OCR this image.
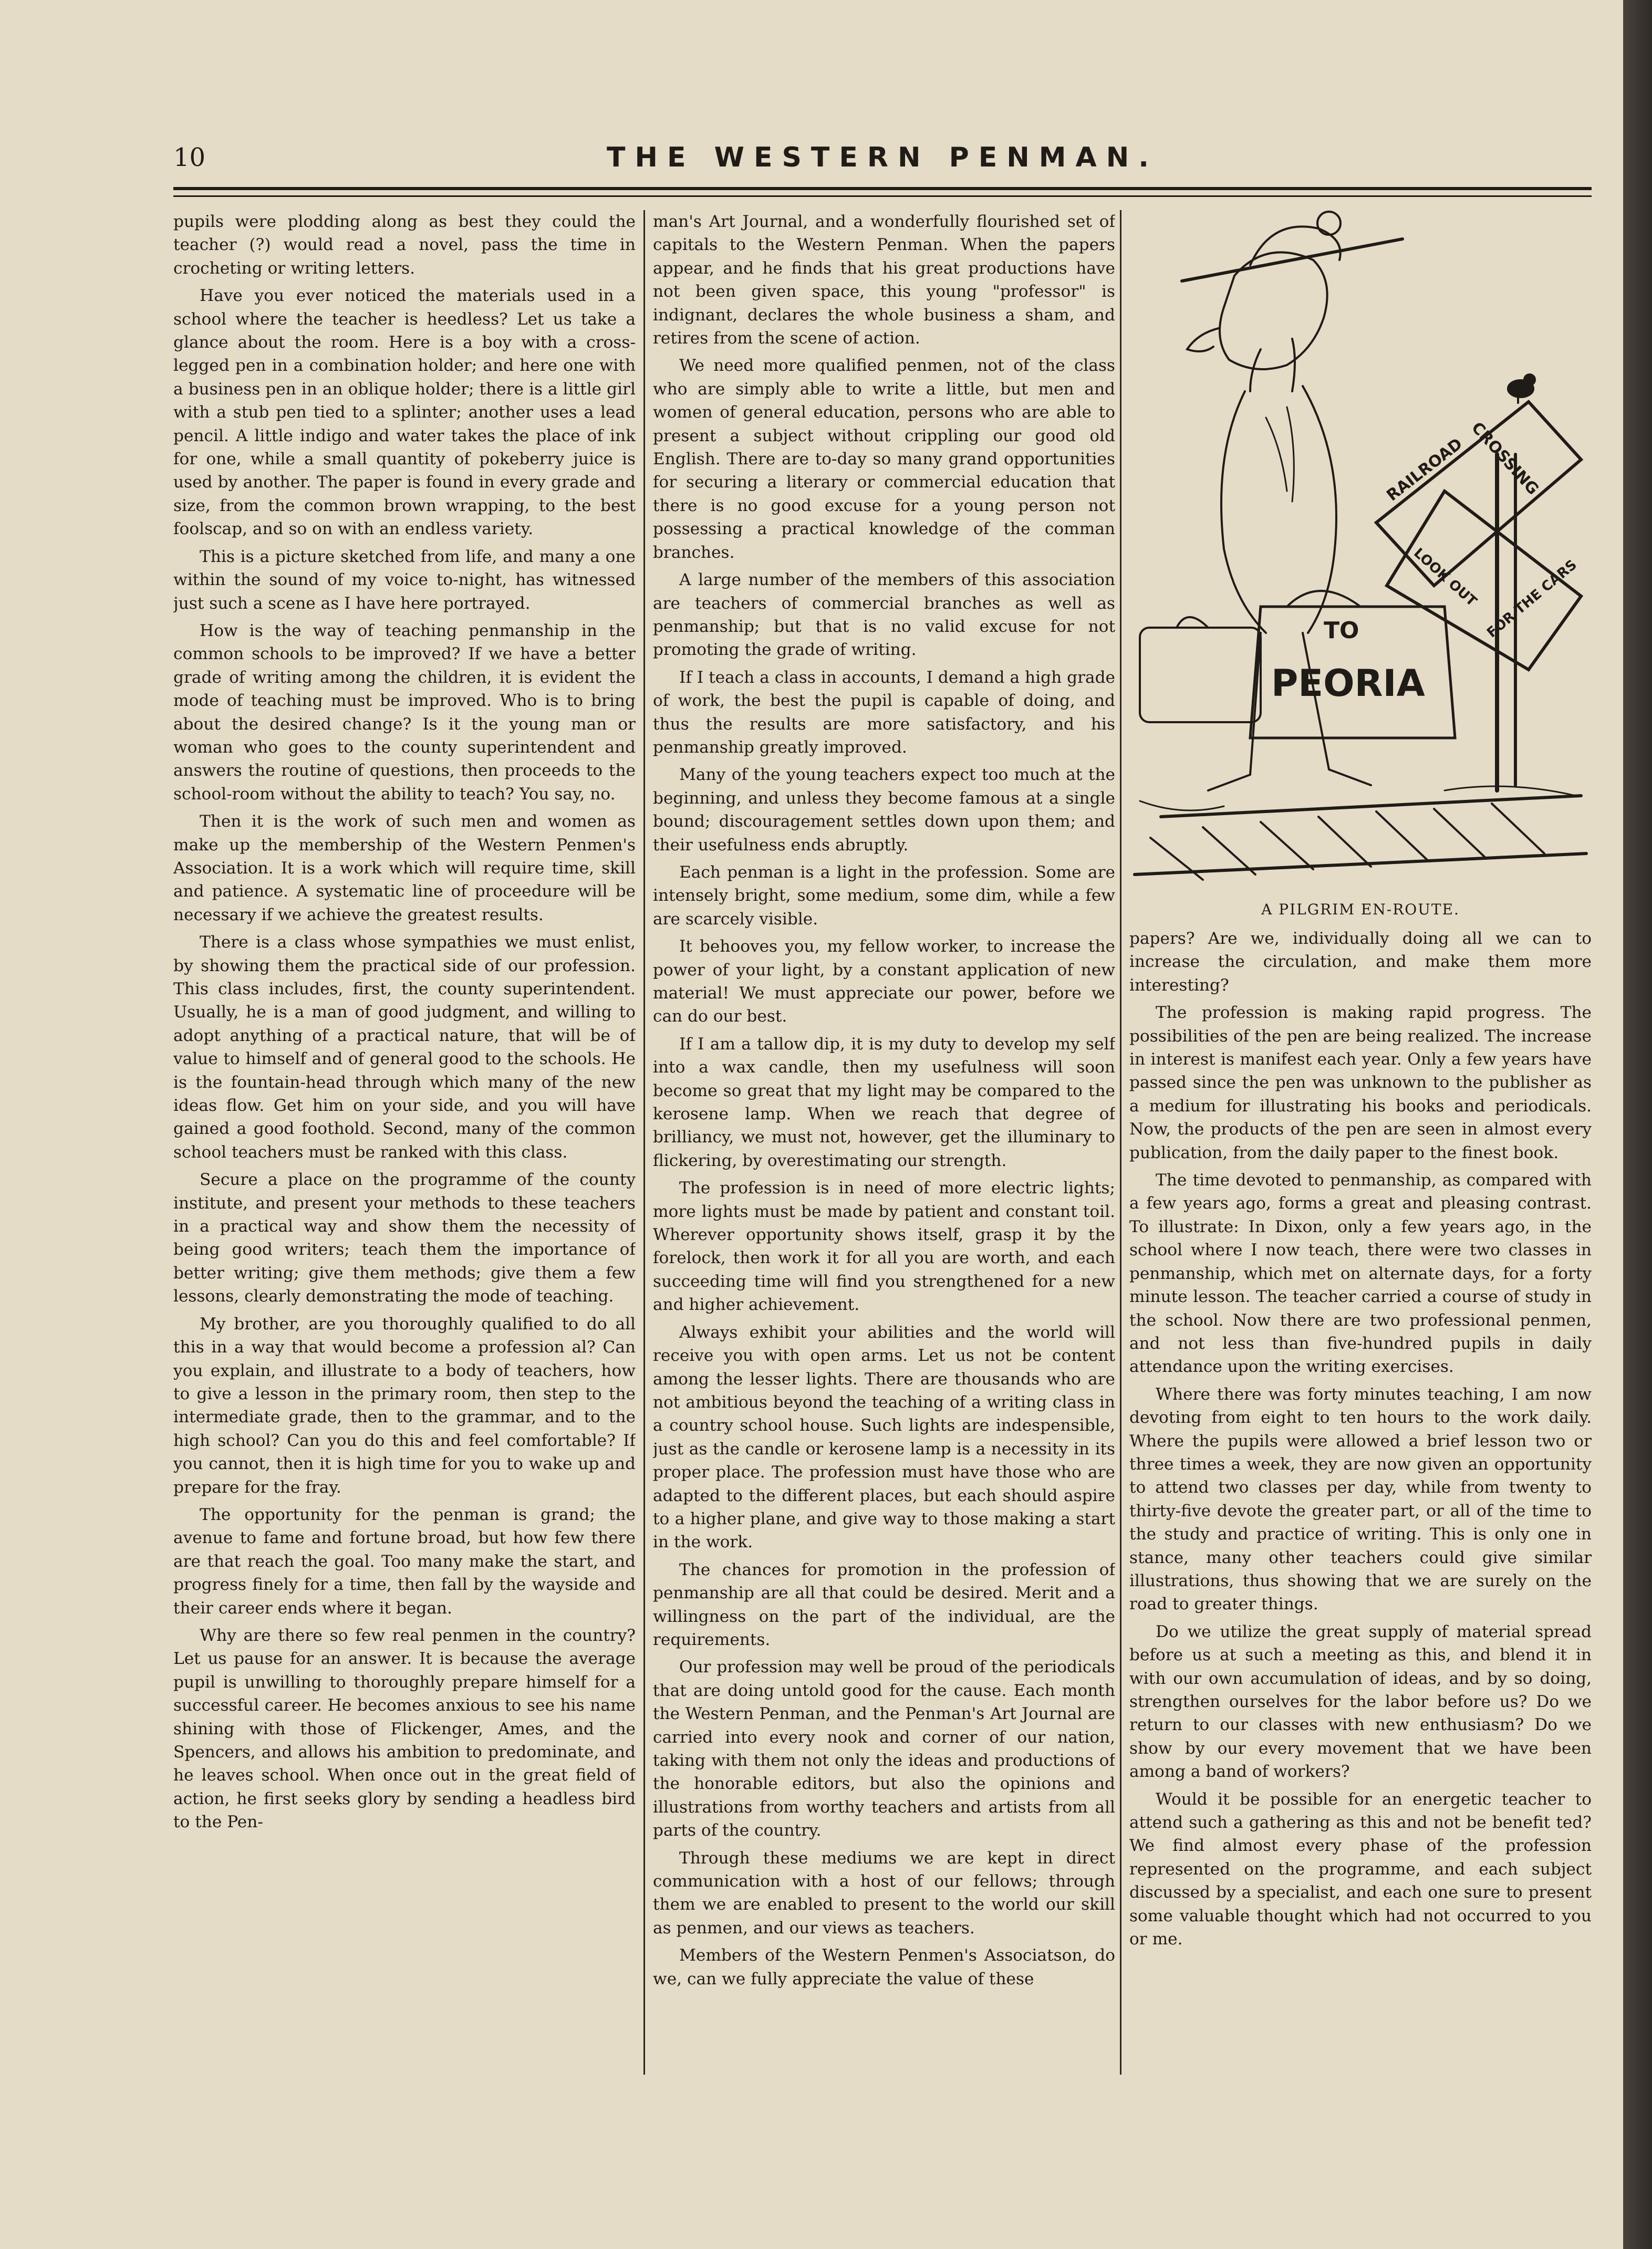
10	THE WESTERN PENMAN.

pupils were plodding along as best they could the teacher (?) would read a novel, pass the time in crocheting or writing letters.

Have you ever noticed the materials used in a school where the teacher is heedless? Let us take a glance about the room. Here is a boy with a cross-legged pen in a combination holder; and here one with a business pen in an oblique holder; there is a little girl with a stub pen tied to a splinter; another uses a lead pencil. A little indigo and water takes the place of ink for one, while a small quantity of pokeberry juice is used by another. The paper is found in every grade and size, from the common brown wrapping, to the best foolscap, and so on with an endless variety.

This is a picture sketched from life, and many a one within the sound of my voice to-night, has witnessed just such a scene as I have here portrayed.

How is the way of teaching penmanship in the common schools to be improved? If we have a better grade of writing among the children, it is evident the mode of teaching must be improved. Who is to bring about the desired change? Is it the young man or woman who goes to the county superintendent and answers the routine of questions, then proceeds to the school-room without the ability to teach? You say, no.

Then it is the work of such men and women as make up the membership of the Western Penmen's Association. It is a work which will require time, skill and patience. A systematic line of proceedure will be necessary if we achieve the greatest results.

There is a class whose sympathies we must enlist, by showing them the practical side of our profession. This class includes, first, the county superintendent. Usually, he is a man of good judgment, and willing to adopt anything of a practical nature, that will be of value to himself and of general good to the schools. He is the fountain-head through which many of the new ideas flow. Get him on your side, and you will have gained a good foothold. Second, many of the common school teachers must be ranked with this class.

Secure a place on the programme of the county institute, and present your methods to these teachers in a practical way and show them the necessity of being good writers; teach them the importance of better writing; give them methods; give them a few lessons, clearly demonstrating the mode of teaching.

My brother, are you thoroughly qualified to do all this in a way that would become a profession al? Can you explain, and illustrate to a body of teachers, how to give a lesson in the primary room, then step to the intermediate grade, then to the grammar, and to the high school? Can you do this and feel comfortable? If you cannot, then it is high time for you to wake up and prepare for the fray.

The opportunity for the penman is grand; the avenue to fame and fortune broad, but how few there are that reach the goal. Too many make the start, and progress finely for a time, then fall by the wayside and their career ends where it began.

Why are there so few real penmen in the country? Let us pause for an answer. It is because the average pupil is unwilling to thoroughly prepare himself for a successful career. He becomes anxious to see his name shining with those of Flickenger, Ames, and the Spencers, and allows his ambition to predominate, and he leaves school. When once out in the great field of action, he first seeks glory by sending a headless bird to the Pen-

man's Art Journal, and a wonderfully flourished set of capitals to the Western Penman. When the papers appear, and he finds that his great productions have not been given space, this young "professor" is indignant, declares the whole business a sham, and retires from the scene of action.

We need more qualified penmen, not of the class who are simply able to write a little, but men and women of general education, persons who are able to present a subject without crippling our good old English. There are to-day so many grand opportunities for securing a literary or commercial education that there is no good excuse for a young person not possessing a practical knowledge of the comman branches.

A large number of the members of this association are teachers of commercial branches as well as penmanship; but that is no valid excuse for not promoting the grade of writing.

If I teach a class in accounts, I demand a high grade of work, the best the pupil is capable of doing, and thus the results are more satisfactory, and his penmanship greatly improved.

Many of the young teachers expect too much at the beginning, and unless they become famous at a single bound; discouragement settles down upon them; and their usefulness ends abruptly.

Each penman is a light in the profession. Some are intensely bright, some medium, some dim, while a few are scarcely visible.

It behooves you, my fellow worker, to increase the power of your light, by a constant application of new material! We must appreciate our power, before we can do our best.

If I am a tallow dip, it is my duty to develop my self into a wax candle, then my usefulness will soon become so great that my light may be compared to the kerosene lamp. When we reach that degree of brilliancy, we must not, however, get the illuminary to flickering, by overestimating our strength.

The profession is in need of more electric lights; more lights must be made by patient and constant toil. Wherever opportunity shows itself, grasp it by the forelock, then work it for all you are worth, and each succeeding time will find you strengthened for a new and higher achievement.

Always exhibit your abilities and the world will receive you with open arms. Let us not be content among the lesser lights. There are thousands who are not ambitious beyond the teaching of a writing class in a country school house. Such lights are indespensible, just as the candle or kerosene lamp is a necessity in its proper place. The profession must have those who are adapted to the different places, but each should aspire to a higher plane, and give way to those making a start in the work.

The chances for promotion in the profession of penmanship are all that could be desired. Merit and a willingness on the part of the individual, are the requirements.

Our profession may well be proud of the periodicals that are doing untold good for the cause. Each month the Western Penman, and the Penman's Art Journal are carried into every nook and corner of our nation, taking with them not only the ideas and productions of the honorable editors, but also the opinions and illustrations from worthy teachers and artists from all parts of the country.

Through these mediums we are kept in direct communication with a host of our fellows; through them we are enabled to present to the world our skill as penmen, and our views as teachers.

Members of the Western Penmen's Associatson, do we, can we fully appreciate the value of these

RAILROAD CROSSING
LOOK OUT FOR THE CARS
TO
PEORIA
A PILGRIM EN-ROUTE.

papers? Are we, individually doing all we can to increase the circulation, and make them more interesting?

The profession is making rapid progress. The possibilities of the pen are being realized. The increase in interest is manifest each year. Only a few years have passed since the pen was unknown to the publisher as a medium for illustrating his books and periodicals. Now, the products of the pen are seen in almost every publication, from the daily paper to the finest book.

The time devoted to penmanship, as compared with a few years ago, forms a great and pleasing contrast. To illustrate: In Dixon, only a few years ago, in the school where I now teach, there were two classes in penmanship, which met on alternate days, for a forty minute lesson. The teacher carried a course of study in the school. Now there are two professional penmen, and not less than five-hundred pupils in daily attendance upon the writing exercises.

Where there was forty minutes teaching, I am now devoting from eight to ten hours to the work daily. Where the pupils were allowed a brief lesson two or three times a week, they are now given an opportunity to attend two classes per day, while from twenty to thirty-five devote the greater part, or all of the time to the study and practice of writing. This is only one in stance, many other teachers could give similar illustrations, thus showing that we are surely on the road to greater things.

Do we utilize the great supply of material spread before us at such a meeting as this, and blend it in with our own accumulation of ideas, and by so doing, strengthen ourselves for the labor before us? Do we return to our classes with new enthusiasm? Do we show by our every movement that we have been among a band of workers?

Would it be possible for an energetic teacher to attend such a gathering as this and not be benefit ted? We find almost every phase of the profession represented on the programme, and each subject discussed by a specialist, and each one sure to present some valuable thought which had not occurred to you or me.
